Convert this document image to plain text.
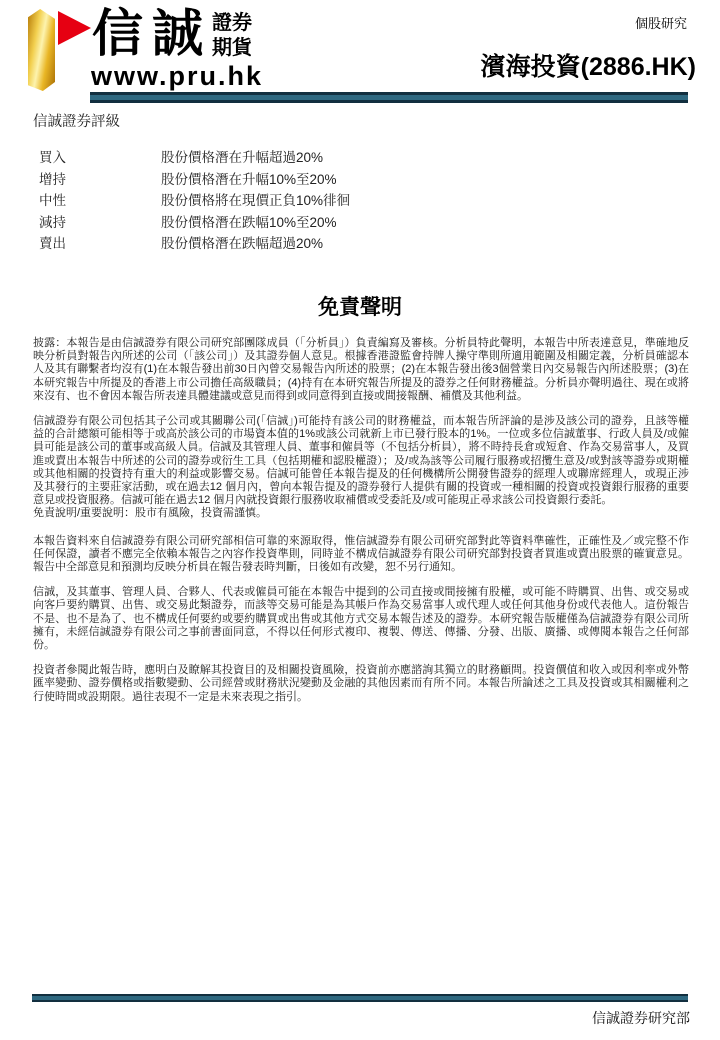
信誠 證券
期貨
www.pru.hk
個股研究
濱海投資(2886.HK)
信誠證券評級
買入	股份價格潛在升幅超過20%
增持	股份價格潛在升幅10%至20%
中性	股份價格將在現價正負10%徘徊
減持	股份價格潛在跌幅10%至20%
賣出	股份價格潛在跌幅超過20%
免責聲明

披露：本報告是由信誠證券有限公司研究部團隊成員（「分析員」）負責編寫及審核。分析員特此聲明，本報告中所表達意見，準確地反映分析員對報告內所述的公司（「該公司」）及其證券個人意見。根據香港證監會持牌人操守準則所適用範圍及相關定義，分析員確認本人及其有聯繫者均沒有(1)在本報告發出前30日內曾交易報告內所述的股票；(2)在本報告發出後3個營業日內交易報告內所述股票；(3)在本研究報告中所提及的香港上市公司擔任高級職員；(4)持有在本研究報告所提及的證券之任何財務權益。分析員亦聲明過往、現在或將來沒有、也不會因本報告所表達具體建議或意見而得到或同意得到直接或間接報酬、補償及其他利益。

信誠證券有限公司包括其子公司或其關聯公司(「信誠」)可能持有該公司的財務權益，而本報告所評論的是涉及該公司的證券，且該等權益的合計總額可能相等于或高於該公司的市場資本值的1%或該公司就新上市已發行股本的1%。一位或多位信誠董事、行政人員及/或僱員可能是該公司的董事或高級人員。信誠及其管理人員、董事和僱員等（不包括分析員），將不時持長倉或短倉、作為交易當事人，及買進或賣出本報告中所述的公司的證券或衍生工具（包括期權和認股權證）；及/或為該等公司履行服務或招攬生意及/或對該等證券或期權或其他相關的投資持有重大的利益或影響交易。信誠可能曾任本報告提及的任何機構所公開發售證券的經理人或聯席經理人，或現正涉及其發行的主要莊家活動，或在過去12 個月內，曾向本報告提及的證券發行人提供有關的投資或一種相關的投資或投資銀行服務的重要意見或投資服務。信誠可能在過去12 個月內就投資銀行服務收取補償或受委託及/或可能現正尋求該公司投資銀行委託。

免責說明/重要說明：股市有風險，投資需謹慎。

本報告資料來自信誠證券有限公司研究部相信可靠的來源取得，惟信誠證券有限公司研究部對此等資料準確性，正確性及／或完整不作任何保證，讀者不應完全依賴本報告之內容作投資準則，同時並不構成信誠證券有限公司研究部對投資者買進或賣出股票的確實意見。報告中全部意見和預測均反映分析員在報告發表時判斷，日後如有改變，恕不另行通知。

信誠，及其董事、管理人員、合夥人、代表或僱員可能在本報告中提到的公司直接或間接擁有股權，或可能不時購買、出售、或交易或向客戶要約購買、出售、或交易此類證券，而該等交易可能是為其帳戶作為交易當事人或代理人或任何其他身份或代表他人。這份報告不是、也不是為了、也不構成任何要約或要約購買或出售或其他方式交易本報告述及的證券。本研究報告版權僅為信誠證券有限公司所擁有，未經信誠證券有限公司之事前書面同意，不得以任何形式複印、複製、傳送、傳播、分發、出版、廣播、或傳閱本報告之任何部份。

投資者參閱此報告時，應明白及瞭解其投資目的及相關投資風險，投資前亦應諮詢其獨立的財務顧問。投資價值和收入或因利率或外幣匯率變動、證券價格或指數變動、公司經營或財務狀況變動及金融的其他因素而有所不同。本報告所論述之工具及投資或其相關權利之行使時間或設期限。過往表現不一定是未來表現之指引。

信誠證券研究部
